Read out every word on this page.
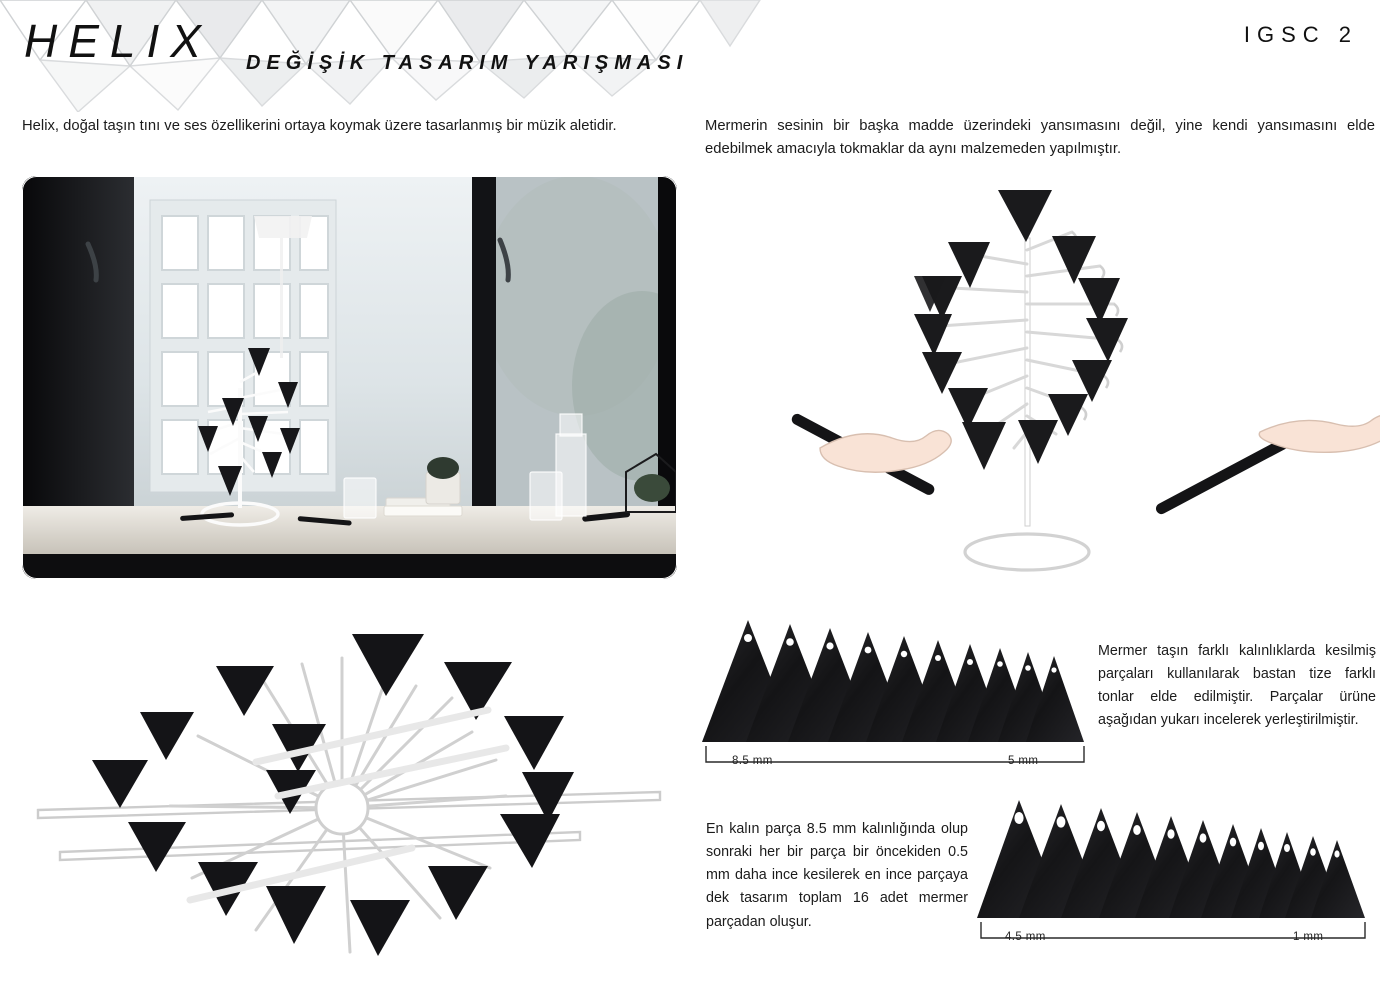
HELIX DEĞİŞİK TASARIM YARIŞMASI
IGSC 2
Helix, doğal taşın tını ve ses özellikerini ortaya koymak üzere tasarlanmış bir müzik aletidir.	Mermerin sesinin bir başka madde üzerindeki yansımasını değil, yine kendi yansımasını elde edebilmek amacıyla tokmaklar da aynı malzemeden yapılmıştır.
8.5 mm	5 mm
4.5 mm	1 mm
Mermer taşın farklı kalınlıklarda kesilmiş parçaları kullanılarak bastan tize farklı tonlar elde edilmiştir. Parçalar ürüne aşağıdan yukarı incelerek yerleştirilmiştir.
En kalın parça 8.5 mm kalınlığında olup sonraki her bir parça bir öncekiden 0.5 mm daha ince kesilerek en ince parçaya dek tasarım toplam 16 adet mermer parçadan oluşur.
